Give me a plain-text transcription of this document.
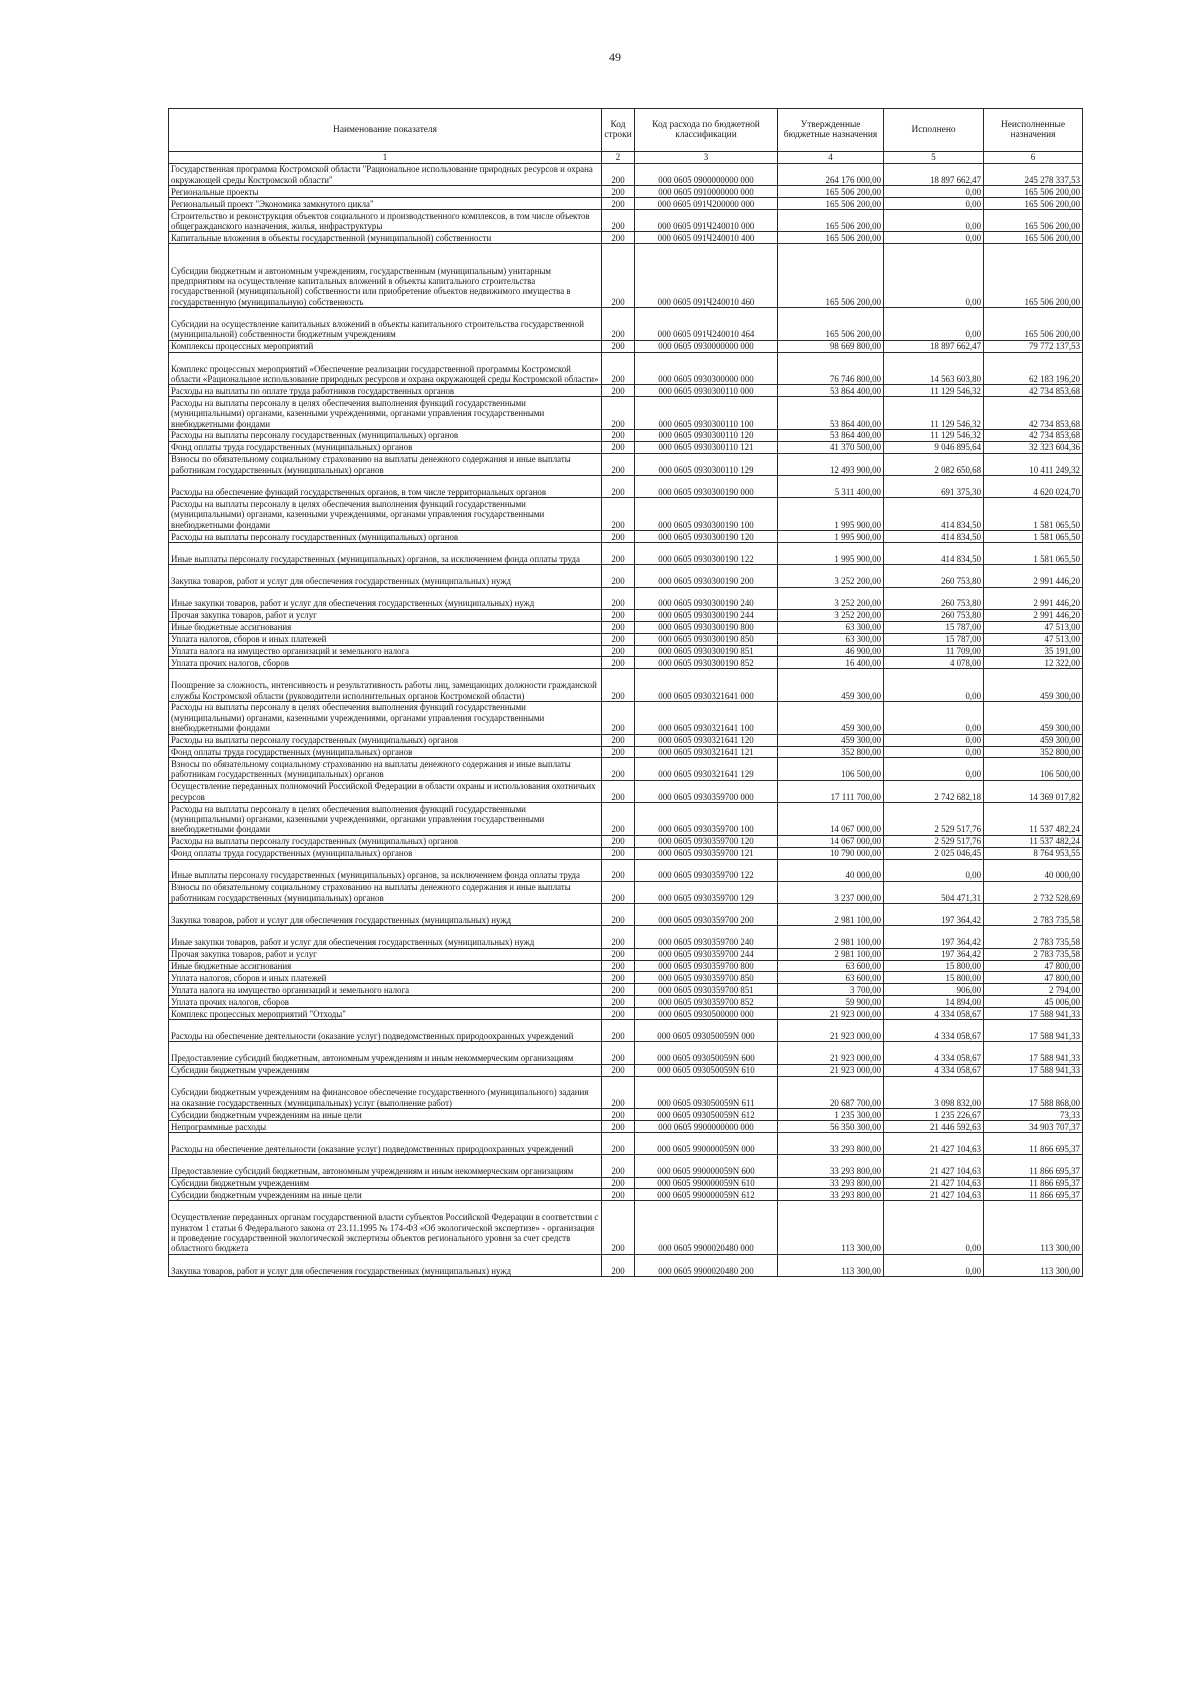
49
Наименование показателя	Код строки	Код расхода по бюджетной классификации	Утвержденные бюджетные назначения	Исполнено	Неисполненные назначения
1	2	3	4	5	6
Государственная программа Костромской области "Рациональное использование природных ресурсов и охрана окружающей среды Костромской области"	200	000 0605 0900000000 000	264 176 000,00	18 897 662,47	245 278 337,53
Региональные проекты	200	000 0605 0910000000 000	165 506 200,00	0,00	165 506 200,00
Региональный проект "Экономика замкнутого цикла"	200	000 0605 091Ч200000 000	165 506 200,00	0,00	165 506 200,00
Строительство и реконструкция объектов социального и производственного комплексов, в том числе объектов общегражданского назначения, жилья, инфраструктуры	200	000 0605 091Ч240010 000	165 506 200,00	0,00	165 506 200,00
Капитальные вложения в объекты государственной (муниципальной) собственности	200	000 0605 091Ч240010 400	165 506 200,00	0,00	165 506 200,00
Субсидии бюджетным и автономным учреждениям, государственным (муниципальным) унитарным предприятиям на осуществление капитальных вложений в объекты капитального строительства государственной (муниципальной) собственности или приобретение объектов недвижимого имущества в государственную (муниципальную) собственность	200	000 0605 091Ч240010 460	165 506 200,00	0,00	165 506 200,00
Субсидии на осуществление капитальных вложений в объекты капитального строительства государственной (муниципальной) собственности бюджетным учреждениям	200	000 0605 091Ч240010 464	165 506 200,00	0,00	165 506 200,00
Комплексы процессных мероприятий	200	000 0605 0930000000 000	98 669 800,00	18 897 662,47	79 772 137,53
Комплекс процессных мероприятий «Обеспечение реализации государственной программы Костромской области «Рациональное использование природных ресурсов и охрана окружающей среды Костромской области»	200	000 0605 0930300000 000	76 746 800,00	14 563 603,80	62 183 196,20
Расходы на выплаты по оплате труда работников государственных органов	200	000 0605 0930300110 000	53 864 400,00	11 129 546,32	42 734 853,68
Расходы на выплаты персоналу в целях обеспечения выполнения функций государственными (муниципальными) органами, казенными учреждениями, органами управления государственными внебюджетными фондами	200	000 0605 0930300110 100	53 864 400,00	11 129 546,32	42 734 853,68
Расходы на выплаты персоналу государственных (муниципальных) органов	200	000 0605 0930300110 120	53 864 400,00	11 129 546,32	42 734 853,68
Фонд оплаты труда государственных (муниципальных) органов	200	000 0605 0930300110 121	41 370 500,00	9 046 895,64	32 323 604,36
Взносы по обязательному социальному страхованию на выплаты денежного содержания и иные выплаты работникам государственных (муниципальных) органов	200	000 0605 0930300110 129	12 493 900,00	2 082 650,68	10 411 249,32
Расходы на обеспечение функций государственных органов, в том числе территориальных органов	200	000 0605 0930300190 000	5 311 400,00	691 375,30	4 620 024,70
Расходы на выплаты персоналу в целях обеспечения выполнения функций государственными (муниципальными) органами, казенными учреждениями, органами управления государственными внебюджетными фондами	200	000 0605 0930300190 100	1 995 900,00	414 834,50	1 581 065,50
Расходы на выплаты персоналу государственных (муниципальных) органов	200	000 0605 0930300190 120	1 995 900,00	414 834,50	1 581 065,50
Иные выплаты персоналу государственных (муниципальных) органов, за исключением фонда оплаты труда	200	000 0605 0930300190 122	1 995 900,00	414 834,50	1 581 065,50
Закупка товаров, работ и услуг для обеспечения государственных (муниципальных) нужд	200	000 0605 0930300190 200	3 252 200,00	260 753,80	2 991 446,20
Иные закупки товаров, работ и услуг для обеспечения государственных (муниципальных) нужд	200	000 0605 0930300190 240	3 252 200,00	260 753,80	2 991 446,20
Прочая закупка товаров, работ и услуг	200	000 0605 0930300190 244	3 252 200,00	260 753,80	2 991 446,20
Иные бюджетные ассигнования	200	000 0605 0930300190 800	63 300,00	15 787,00	47 513,00
Уплата налогов, сборов и иных платежей	200	000 0605 0930300190 850	63 300,00	15 787,00	47 513,00
Уплата налога на имущество организаций и земельного налога	200	000 0605 0930300190 851	46 900,00	11 709,00	35 191,00
Уплата прочих налогов, сборов	200	000 0605 0930300190 852	16 400,00	4 078,00	12 322,00
Поощрение за сложность, интенсивность и результативность работы лиц, замещающих должности гражданской службы Костромской области (руководители исполнительных органов Костромской области)	200	000 0605 0930321641 000	459 300,00	0,00	459 300,00
Расходы на выплаты персоналу в целях обеспечения выполнения функций государственными (муниципальными) органами, казенными учреждениями, органами управления государственными внебюджетными фондами	200	000 0605 0930321641 100	459 300,00	0,00	459 300,00
Расходы на выплаты персоналу государственных (муниципальных) органов	200	000 0605 0930321641 120	459 300,00	0,00	459 300,00
Фонд оплаты труда государственных (муниципальных) органов	200	000 0605 0930321641 121	352 800,00	0,00	352 800,00
Взносы по обязательному социальному страхованию на выплаты денежного содержания и иные выплаты работникам государственных (муниципальных) органов	200	000 0605 0930321641 129	106 500,00	0,00	106 500,00
Осуществление переданных полномочий Российской Федерации в области охраны и использования охотничьих ресурсов	200	000 0605 0930359700 000	17 111 700,00	2 742 682,18	14 369 017,82
Расходы на выплаты персоналу в целях обеспечения выполнения функций государственными (муниципальными) органами, казенными учреждениями, органами управления государственными внебюджетными фондами	200	000 0605 0930359700 100	14 067 000,00	2 529 517,76	11 537 482,24
Расходы на выплаты персоналу государственных (муниципальных) органов	200	000 0605 0930359700 120	14 067 000,00	2 529 517,76	11 537 482,24
Фонд оплаты труда государственных (муниципальных) органов	200	000 0605 0930359700 121	10 790 000,00	2 025 046,45	8 764 953,55
Иные выплаты персоналу государственных (муниципальных) органов, за исключением фонда оплаты труда	200	000 0605 0930359700 122	40 000,00	0,00	40 000,00
Взносы по обязательному социальному страхованию на выплаты денежного содержания и иные выплаты работникам государственных (муниципальных) органов	200	000 0605 0930359700 129	3 237 000,00	504 471,31	2 732 528,69
Закупка товаров, работ и услуг для обеспечения государственных (муниципальных) нужд	200	000 0605 0930359700 200	2 981 100,00	197 364,42	2 783 735,58
Иные закупки товаров, работ и услуг для обеспечения государственных (муниципальных) нужд	200	000 0605 0930359700 240	2 981 100,00	197 364,42	2 783 735,58
Прочая закупка товаров, работ и услуг	200	000 0605 0930359700 244	2 981 100,00	197 364,42	2 783 735,58
Иные бюджетные ассигнования	200	000 0605 0930359700 800	63 600,00	15 800,00	47 800,00
Уплата налогов, сборов и иных платежей	200	000 0605 0930359700 850	63 600,00	15 800,00	47 800,00
Уплата налога на имущество организаций и земельного налога	200	000 0605 0930359700 851	3 700,00	906,00	2 794,00
Уплата прочих налогов, сборов	200	000 0605 0930359700 852	59 900,00	14 894,00	45 006,00
Комплекс процессных мероприятий "Отходы"	200	000 0605 0930500000 000	21 923 000,00	4 334 058,67	17 588 941,33
Расходы на обеспечение деятельности (оказание услуг) подведомственных природоохранных учреждений	200	000 0605 093050059N 000	21 923 000,00	4 334 058,67	17 588 941,33
Предоставление субсидий бюджетным, автономным учреждениям и иным некоммерческим организациям	200	000 0605 093050059N 600	21 923 000,00	4 334 058,67	17 588 941,33
Субсидии бюджетным учреждениям	200	000 0605 093050059N 610	21 923 000,00	4 334 058,67	17 588 941,33
Субсидии бюджетным учреждениям на финансовое обеспечение государственного (муниципального) задания на оказание государственных (муниципальных) услуг (выполнение работ)	200	000 0605 093050059N 611	20 687 700,00	3 098 832,00	17 588 868,00
Субсидии бюджетным учреждениям на иные цели	200	000 0605 093050059N 612	1 235 300,00	1 235 226,67	73,33
Непрограммные расходы	200	000 0605 9900000000 000	56 350 300,00	21 446 592,63	34 903 707,37
Расходы на обеспечение деятельности (оказание услуг) подведомственных природоохранных учреждений	200	000 0605 990000059N 000	33 293 800,00	21 427 104,63	11 866 695,37
Предоставление субсидий бюджетным, автономным учреждениям и иным некоммерческим организациям	200	000 0605 990000059N 600	33 293 800,00	21 427 104,63	11 866 695,37
Субсидии бюджетным учреждениям	200	000 0605 990000059N 610	33 293 800,00	21 427 104,63	11 866 695,37
Субсидии бюджетным учреждениям на иные цели	200	000 0605 990000059N 612	33 293 800,00	21 427 104,63	11 866 695,37
Осуществление переданных органам государственной власти субъектов Российской Федерации в соответствии с пунктом 1 статьи 6 Федерального закона от 23.11.1995 № 174-ФЗ «Об экологической экспертизе» - организация и проведение государственной экологической экспертизы объектов регионального уровня за счет средств областного бюджета	200	000 0605 9900020480 000	113 300,00	0,00	113 300,00
Закупка товаров, работ и услуг для обеспечения государственных (муниципальных) нужд	200	000 0605 9900020480 200	113 300,00	0,00	113 300,00
